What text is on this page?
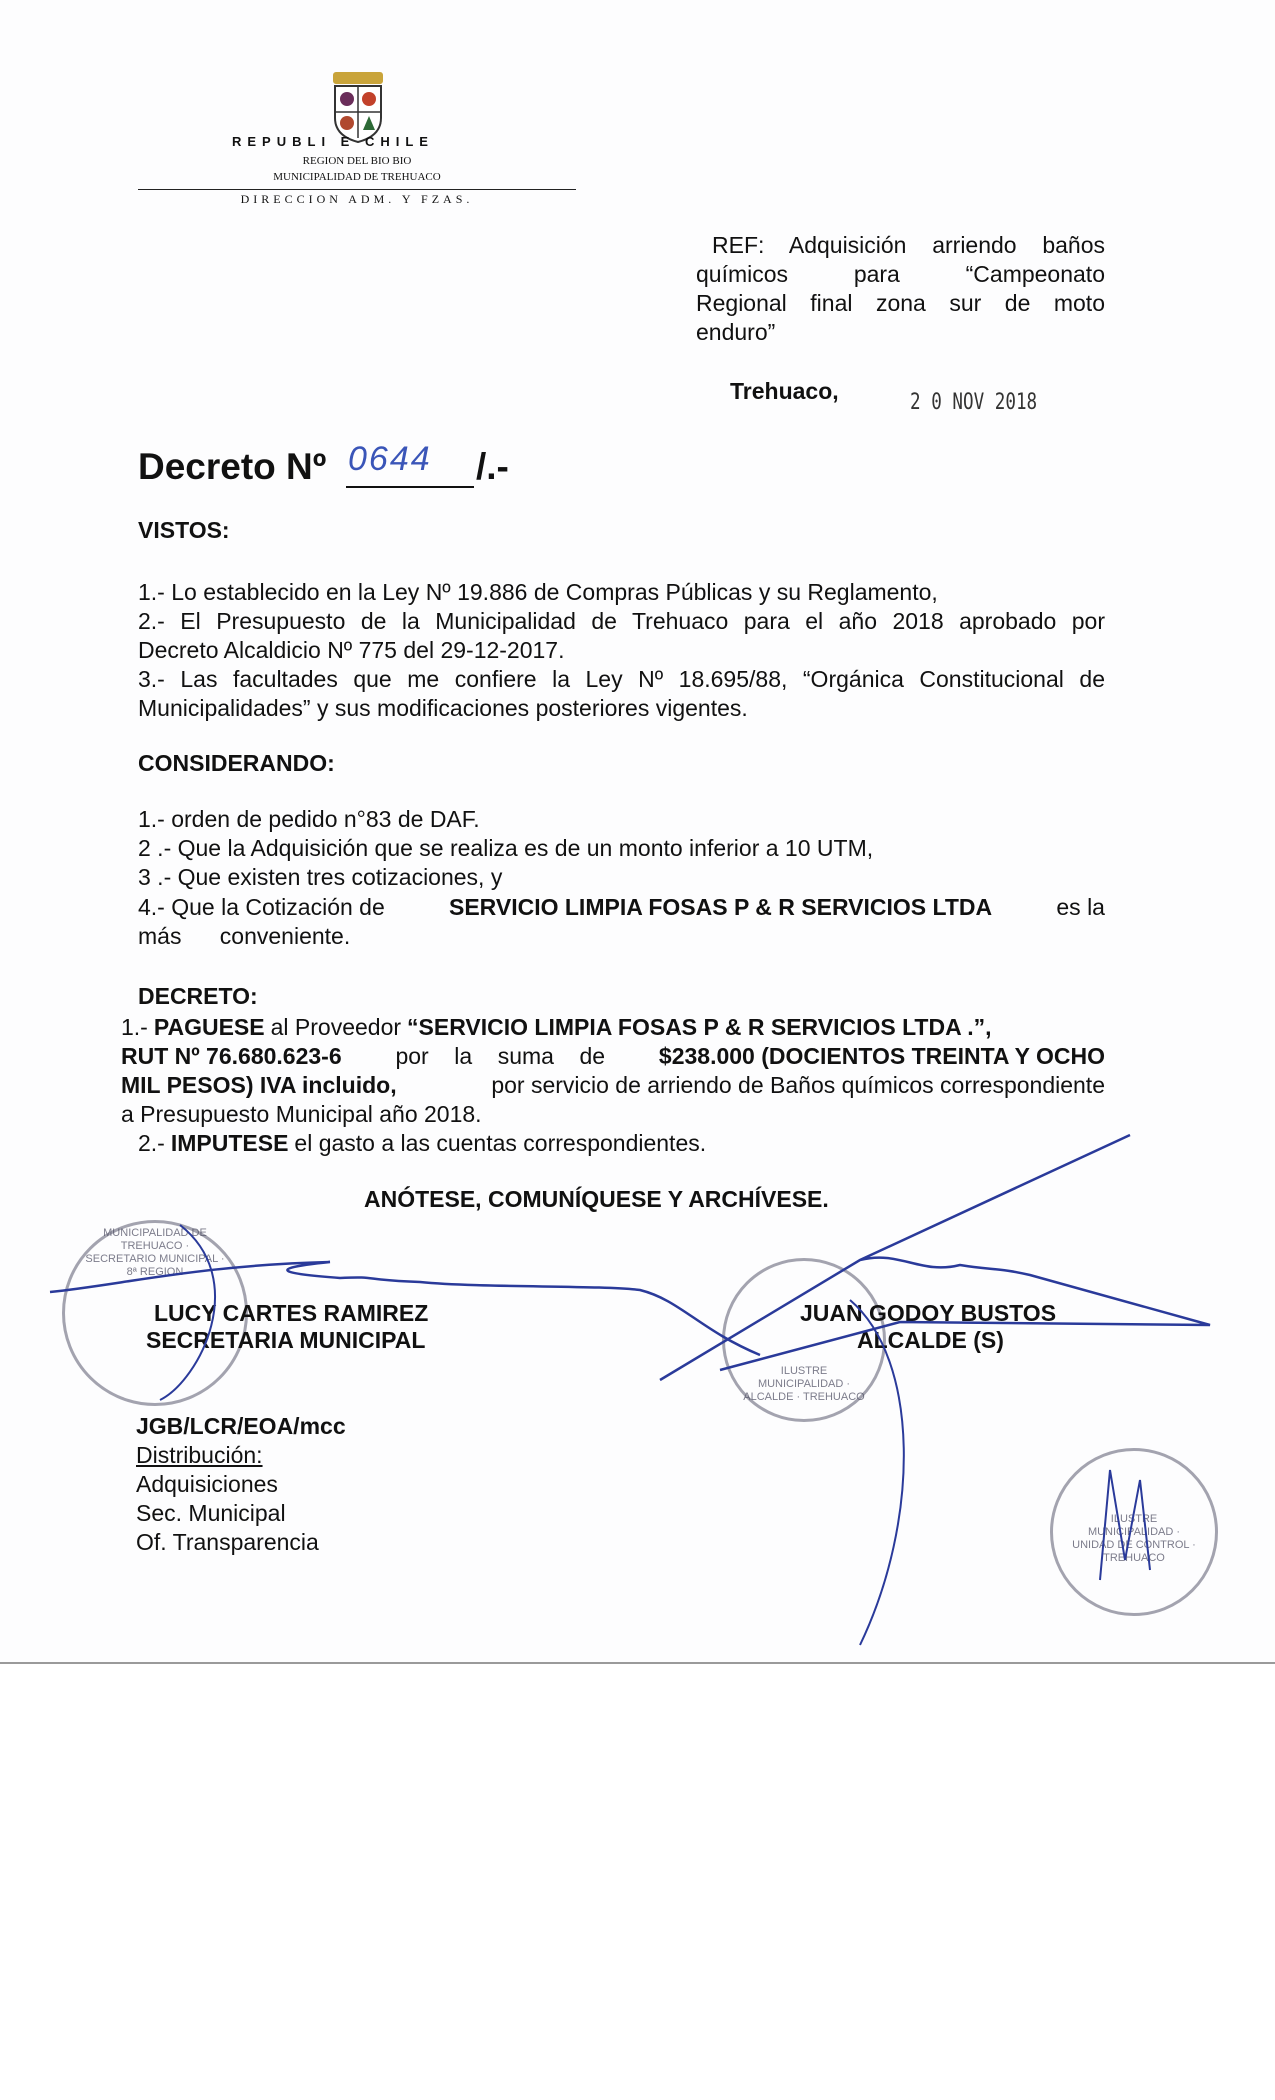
REPUBLI E CHILE
REGION DEL BIO BIO
MUNICIPALIDAD DE TREHUACO
DIRECCION ADM. Y FZAS.
REF: Adquisición arriendo baños
químicos para “Campeonato
Regional final zona sur de moto
enduro”
Trehuaco,	2 0 NOV 2018
Decreto Nº 0644 /.-
VISTOS:
1.- Lo establecido en la Ley Nº 19.886 de Compras Públicas y su Reglamento,
2.- El Presupuesto de la Municipalidad de Trehuaco para el año 2018 aprobado por
Decreto Alcaldicio Nº 775 del 29-12-2017.
3.- Las facultades que me confiere la Ley Nº 18.695/88, “Orgánica Constitucional de
Municipalidades” y sus modificaciones posteriores vigentes.
CONSIDERANDO:
1.- orden de pedido n°83 de DAF.
2 .- Que la Adquisición que se realiza es de un monto inferior a 10 UTM,
3 .- Que existen tres cotizaciones, y
4.- Que la Cotización de	SERVICIO LIMPIA FOSAS P & R SERVICIOS LTDA	es la
más      conveniente.
DECRETO:
1.- PAGUESE al Proveedor “SERVICIO LIMPIA FOSAS P & R SERVICIOS LTDA .”,
RUT Nº 76.680.623-6 por    la    suma    de $238.000 (DOCIENTOS TREINTA Y OCHO
MIL PESOS) IVA incluido,	por servicio de arriendo de Baños químicos correspondiente
a Presupuesto Municipal año 2018.
2.- IMPUTESE el gasto a las cuentas correspondientes.
ANÓTESE, COMUNÍQUESE Y ARCHÍVESE.
MUNICIPALIDAD DE TREHUACO · SECRETARIO MUNICIPAL · 8ª REGION
ILUSTRE MUNICIPALIDAD · ALCALDE · TREHUACO
ILUSTRE MUNICIPALIDAD · UNIDAD DE CONTROL · TREHUACO
LUCY CARTES RAMIREZ
SECRETARIA MUNICIPAL
JUAN GODOY BUSTOS
ALCALDE (S)
JGB/LCR/EOA/mcc
Distribución:
Adquisiciones
Sec. Municipal
Of. Transparencia
